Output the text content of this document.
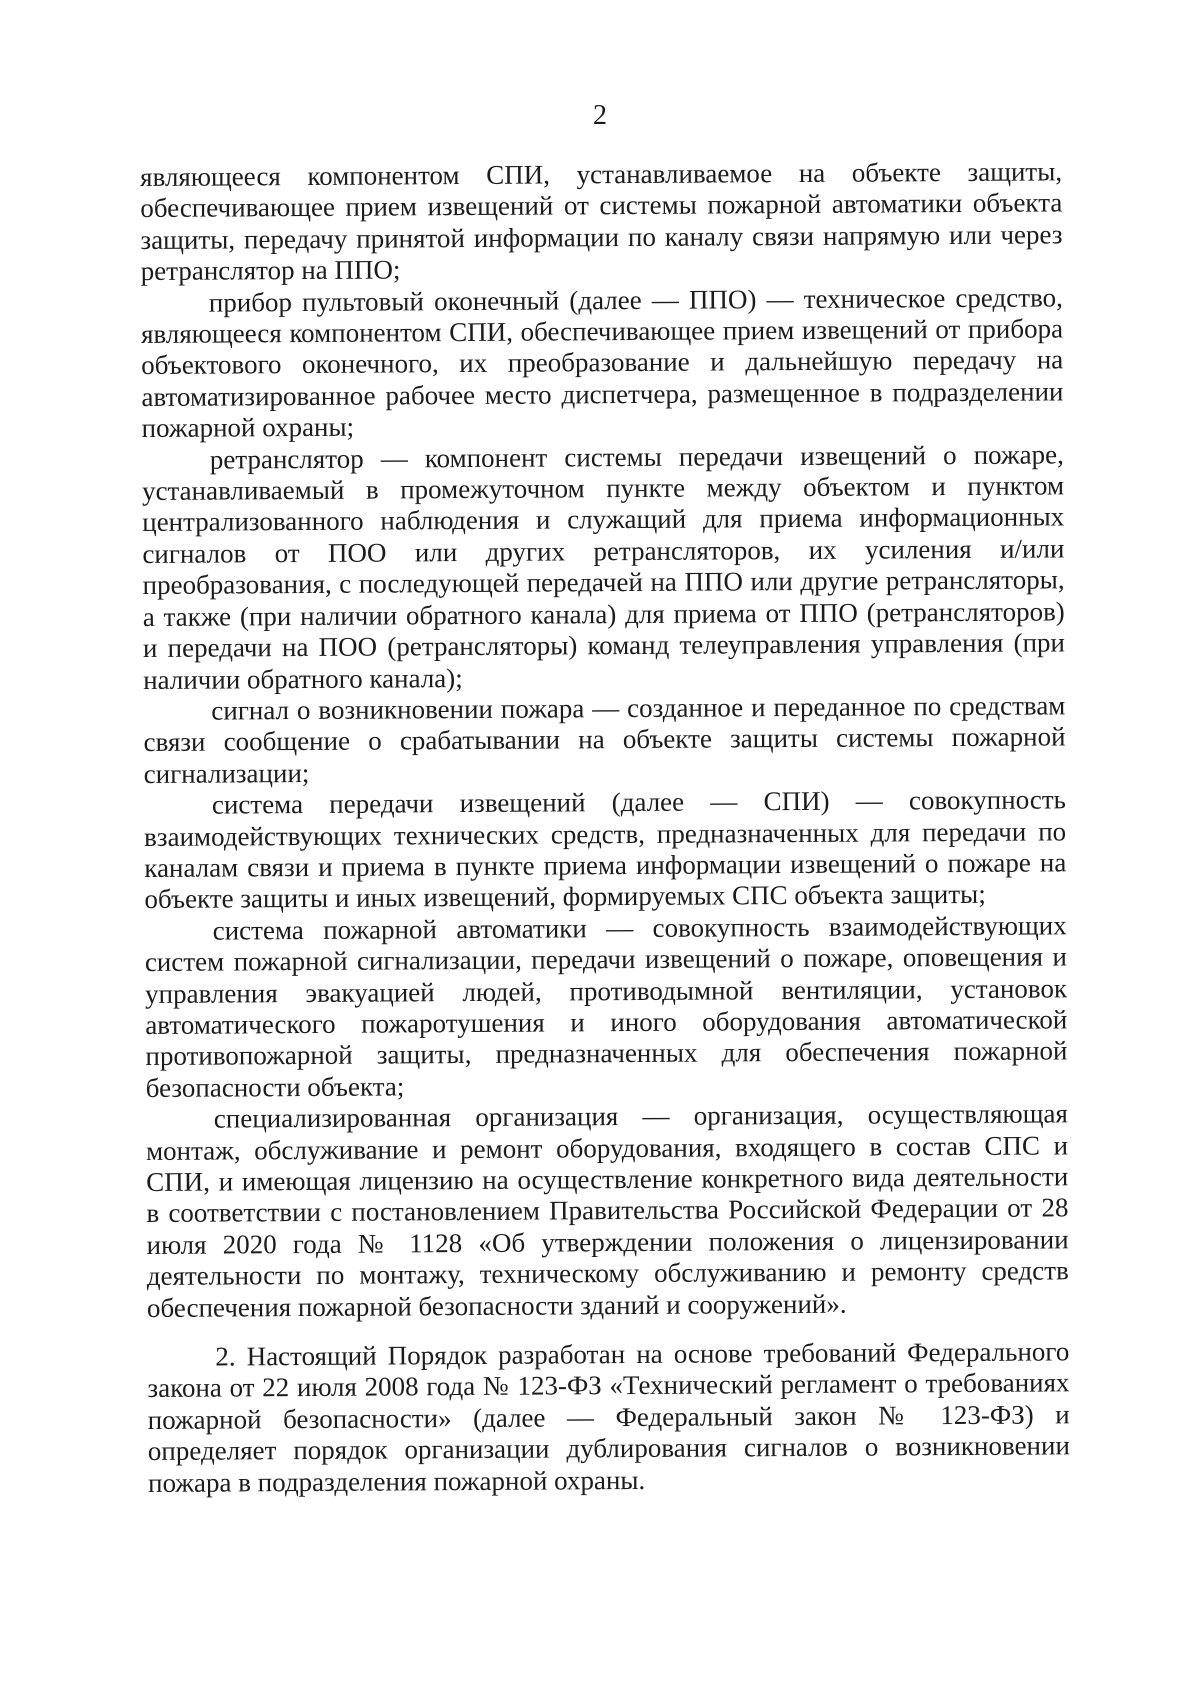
2

являющееся компонентом СПИ, устанавливаемое на объекте защиты, обеспечивающее прием извещений от системы пожарной автоматики объекта защиты, передачу принятой информации по каналу связи напрямую или через ретранслятор на ППО;

прибор пультовый оконечный (далее — ППО) — техническое средство, являющееся компонентом СПИ, обеспечивающее прием извещений от прибора объектового оконечного, их преобразование и дальнейшую передачу на автоматизированное рабочее место диспетчера, размещенное в подразделении пожарной охраны;

ретранслятор — компонент системы передачи извещений о пожаре, устанавливаемый в промежуточном пункте между объектом и пунктом централизованного наблюдения и служащий для приема информационных сигналов от ПОО или других ретрансляторов, их усиления и/или преобразования, с последующей передачей на ППО или другие ретрансляторы, а также (при наличии обратного канала) для приема от ППО (ретрансляторов) и передачи на ПОО (ретрансляторы) команд телеуправления управления (при наличии обратного канала);

сигнал о возникновении пожара — созданное и переданное по средствам связи сообщение о срабатывании на объекте защиты системы пожарной сигнализации;

система передачи извещений (далее — СПИ) — совокупность взаимодействующих технических средств, предназначенных для передачи по каналам связи и приема в пункте приема информации извещений о пожаре на объекте защиты и иных извещений, формируемых СПС объекта защиты;

система пожарной автоматики — совокупность взаимодействующих систем пожарной сигнализации, передачи извещений о пожаре, оповещения и управления эвакуацией людей, противодымной вентиляции, установок автоматического пожаротушения и иного оборудования автоматической противопожарной защиты, предназначенных для обеспечения пожарной безопасности объекта;

специализированная организация — организация, осуществляющая монтаж, обслуживание и ремонт оборудования, входящего в состав СПС и СПИ, и имеющая лицензию на осуществление конкретного вида деятельности в соответствии с постановлением Правительства Российской Федерации от 28 июля 2020 года № 1128 «Об утверждении положения о лицензировании деятельности по монтажу, техническому обслуживанию и ремонту средств обеспечения пожарной безопасности зданий и сооружений».

2. Настоящий Порядок разработан на основе требований Федерального закона от 22 июля 2008 года № 123-ФЗ «Технический регламент о требованиях пожарной безопасности» (далее — Федеральный закон № 123-ФЗ) и определяет порядок организации дублирования сигналов о возникновении пожара в подразделения пожарной охраны.
